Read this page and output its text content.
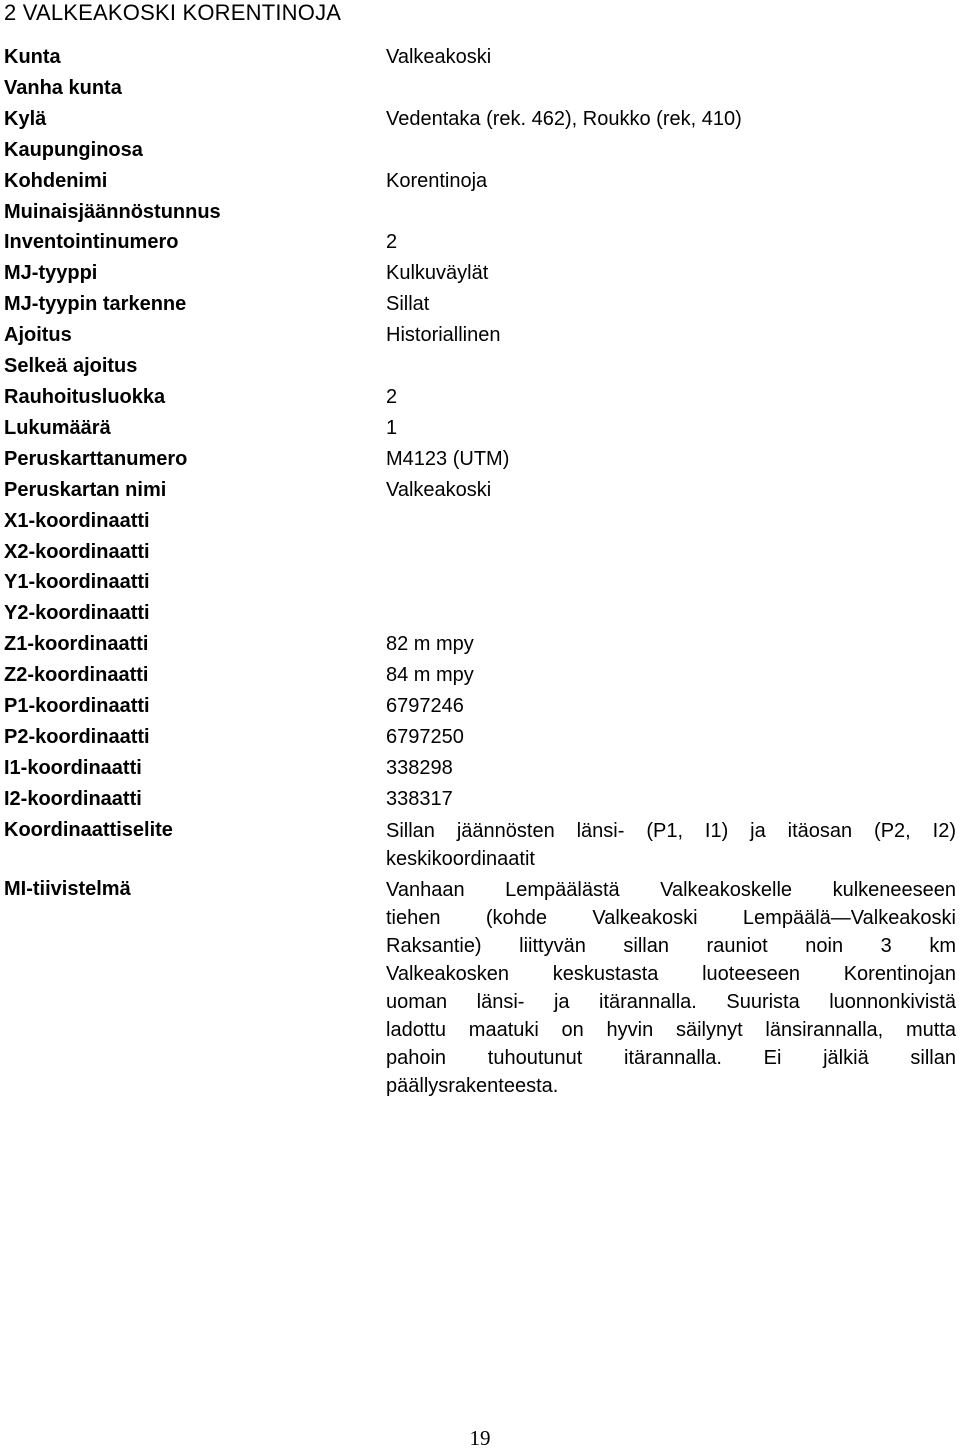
2 VALKEAKOSKI KORENTINOJA
Kunta	Valkeakoski
Vanha kunta
Kylä	Vedentaka (rek. 462), Roukko (rek, 410)
Kaupunginosa
Kohdenimi	Korentinoja
Muinaisjäännöstunnus
Inventointinumero	2
MJ-tyyppi	Kulkuväylät
MJ-tyypin tarkenne	Sillat
Ajoitus	Historiallinen
Selkeä ajoitus
Rauhoitusluokka	2
Lukumäärä	1
Peruskarttanumero	M4123 (UTM)
Peruskartan nimi	Valkeakoski
X1-koordinaatti
X2-koordinaatti
Y1-koordinaatti
Y2-koordinaatti
Z1-koordinaatti	82 m mpy
Z2-koordinaatti	84 m mpy
P1-koordinaatti	6797246
P2-koordinaatti	6797250
I1-koordinaatti	338298
I2-koordinaatti	338317
Koordinaattiselite	Sillan jäännösten länsi- (P1, I1) ja itäosan (P2, I2)
keskikoordinaatit
MI-tiivistelmä	Vanhaan Lempäälästä Valkeakoskelle kulkeneeseen
tiehen (kohde Valkeakoski Lempäälä—Valkeakoski
Raksantie) liittyvän sillan rauniot noin 3 km
Valkeakosken keskustasta luoteeseen Korentinojan
uoman länsi- ja itärannalla. Suurista luonnonkivistä
ladottu maatuki on hyvin säilynyt länsirannalla, mutta
pahoin tuhoutunut itärannalla. Ei jälkiä sillan
päällysrakenteesta.
19
